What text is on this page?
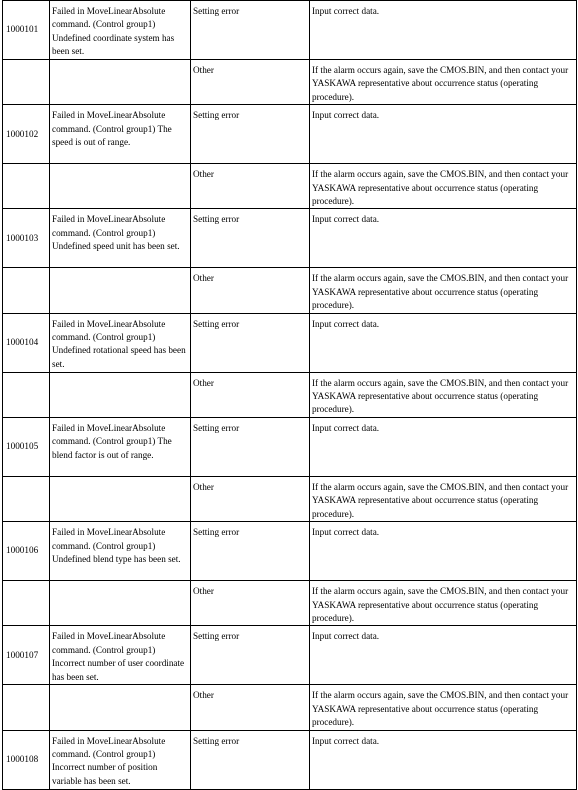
1000101	Failed in MoveLinearAbsolute command. (Control group1) Undefined coordinate system has been set.	Setting error	Input correct data.
		Other	If the alarm occurs again, save the CMOS.BIN, and then contact your YASKAWA representative about occurrence status (operating procedure).
1000102	Failed in MoveLinearAbsolute command. (Control group1) The speed is out of range.	Setting error	Input correct data.
		Other	If the alarm occurs again, save the CMOS.BIN, and then contact your YASKAWA representative about occurrence status (operating procedure).
1000103	Failed in MoveLinearAbsolute command. (Control group1) Undefined speed unit has been set.	Setting error	Input correct data.
		Other	If the alarm occurs again, save the CMOS.BIN, and then contact your YASKAWA representative about occurrence status (operating procedure).
1000104	Failed in MoveLinearAbsolute command. (Control group1) Undefined rotational speed has been set.	Setting error	Input correct data.
		Other	If the alarm occurs again, save the CMOS.BIN, and then contact your YASKAWA representative about occurrence status (operating procedure).
1000105	Failed in MoveLinearAbsolute command. (Control group1) The blend factor is out of range.	Setting error	Input correct data.
		Other	If the alarm occurs again, save the CMOS.BIN, and then contact your YASKAWA representative about occurrence status (operating procedure).
1000106	Failed in MoveLinearAbsolute command. (Control group1) Undefined blend type has been set.	Setting error	Input correct data.
		Other	If the alarm occurs again, save the CMOS.BIN, and then contact your YASKAWA representative about occurrence status (operating procedure).
1000107	Failed in MoveLinearAbsolute command. (Control group1) Incorrect number of user coordinate has been set.	Setting error	Input correct data.
		Other	If the alarm occurs again, save the CMOS.BIN, and then contact your YASKAWA representative about occurrence status (operating procedure).
1000108	Failed in MoveLinearAbsolute command. (Control group1) Incorrect number of position variable has been set.	Setting error	Input correct data.
